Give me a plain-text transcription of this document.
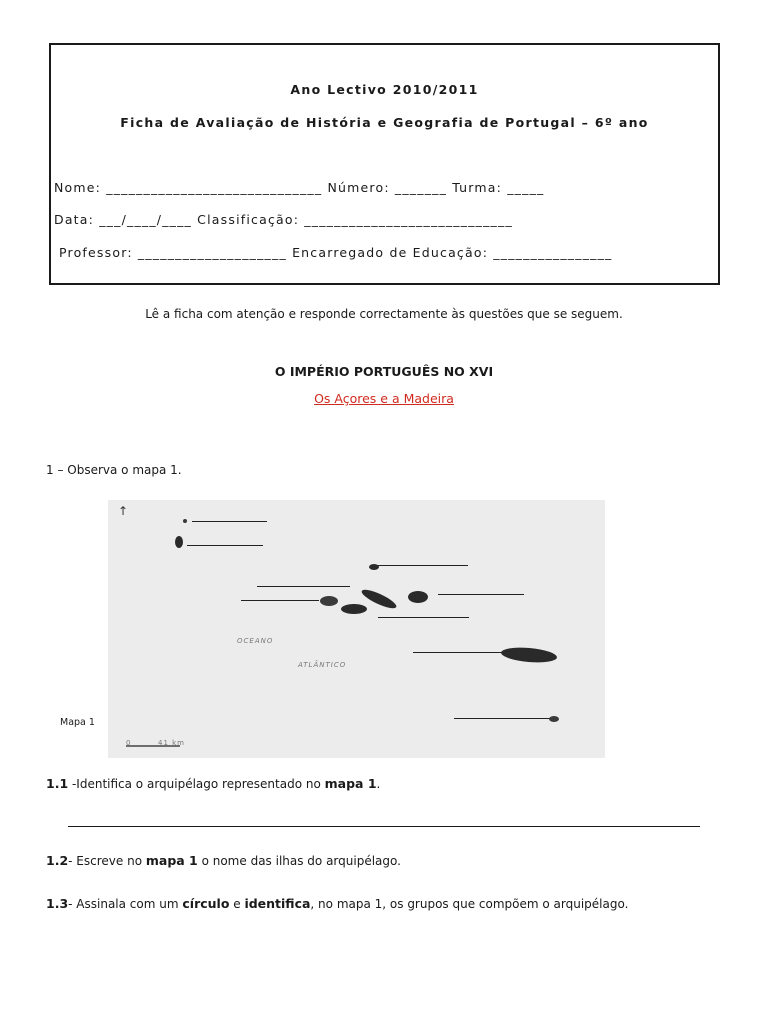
Ano Lectivo 2010/2011
Ficha de Avaliação de História e Geografia de Portugal – 6º ano
Nome: _____________________________ Número: _______ Turma: _____
Data: ___/____/____ Classificação: ____________________________
Professor: ____________________ Encarregado de Educação: ________________
Lê a ficha com atenção e responde correctamente às questões que se seguem.
O IMPÉRIO PORTUGUÊS NO XVI
Os Açores e a Madeira
1 – Observa o mapa 1.
↑
OCEANO
ATLÂNTICO
0	41 km
Mapa 1
1.1 -Identifica o arquipélago representado no mapa 1.
1.2- Escreve no mapa 1 o nome das ilhas do arquipélago.
1.3- Assinala com um círculo e identifica, no mapa 1, os grupos que compõem o arquipélago.
